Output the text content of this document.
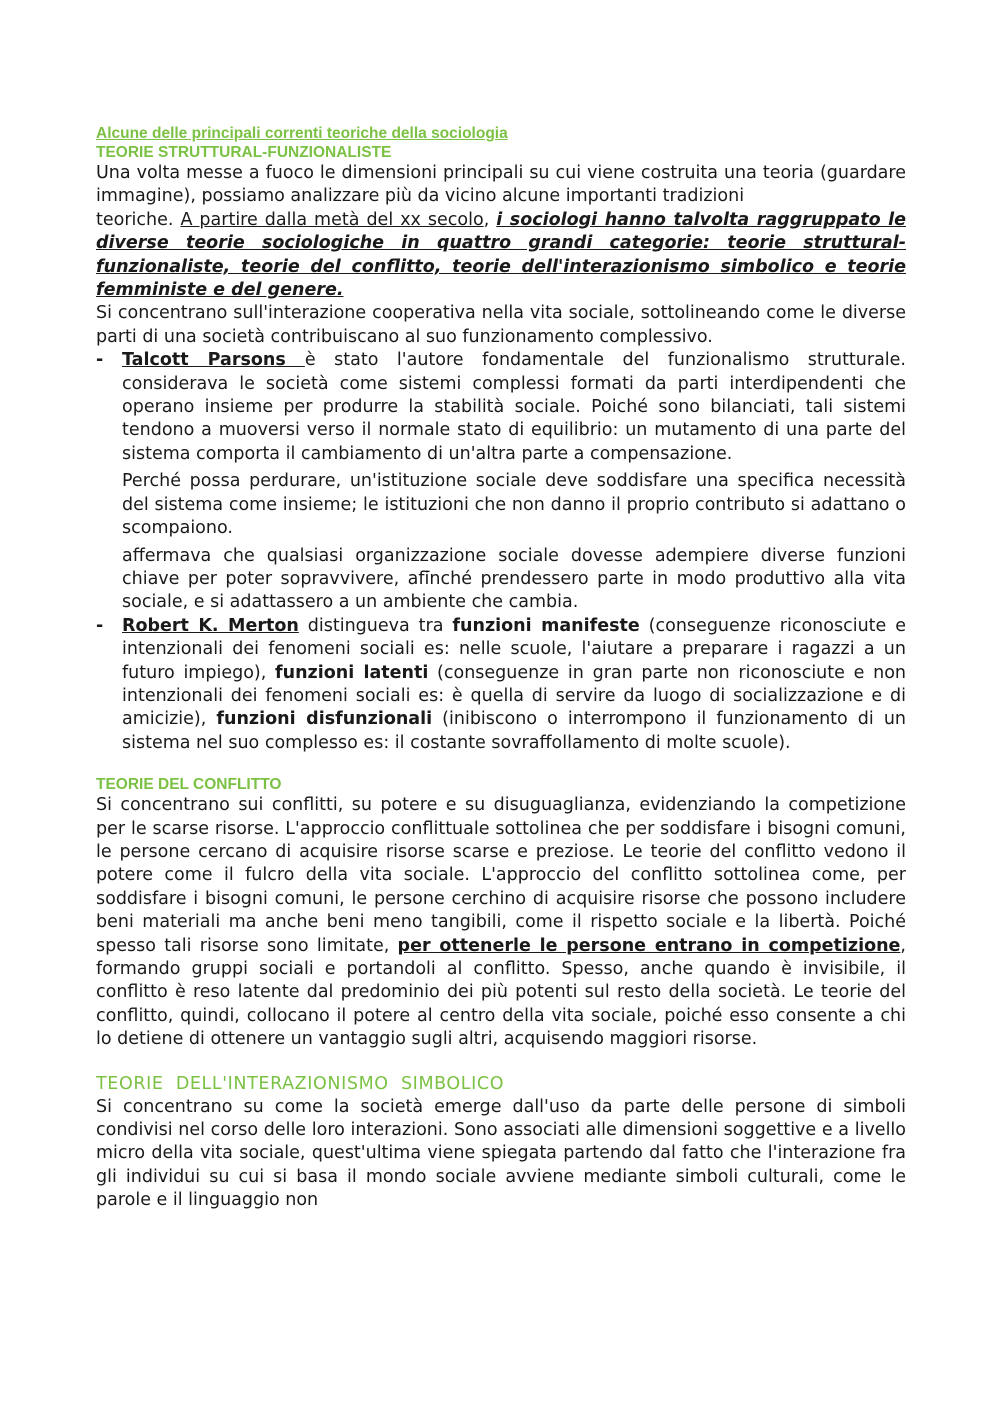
Alcune delle principali correnti teoriche della sociologia
TEORIE STRUTTURAL-FUNZIONALISTE
Una volta messe a fuoco le dimensioni principali su cui viene costruita una teoria (guardare immagine), possiamo analizzare più da vicino alcune importanti tradizioni
teoriche. A partire dalla metà del xx secolo, i sociologi hanno talvolta raggruppato le diverse teorie sociologiche in quattro grandi categorie: teorie struttural-funzionaliste, teorie del conflitto, teorie dell'interazionismo simbolico e teorie femministe e del genere.
Si concentrano sull'interazione cooperativa nella vita sociale, sottolineando come le diverse parti di una società contribuiscano al suo funzionamento complessivo.
-	Talcott Parsons è stato l'autore fondamentale del funzionalismo strutturale. considerava le società come sistemi complessi formati da parti interdipendenti che operano insieme per produrre la stabilità sociale. Poiché sono bilanciati, tali sistemi tendono a muoversi verso il normale stato di equilibrio: un mutamento di una parte del sistema comporta il cambiamento di un'altra parte a compensazione.
Perché possa perdurare, un'istituzione sociale deve soddisfare una specifica necessità del sistema come insieme; le istituzioni che non danno il proprio contributo si adattano o scompaiono.
affermava che qualsiasi organizzazione sociale dovesse adempiere diverse funzioni chiave per poter sopravvivere, afi̇̄nché prendessero parte in modo produttivo alla vita sociale, e si adattassero a un ambiente che cambia.
-	Robert K. Merton distingueva tra funzioni manifeste (conseguenze riconosciute e intenzionali dei fenomeni sociali es: nelle scuole, l'aiutare a preparare i ragazzi a un futuro impiego), funzioni latenti (conseguenze in gran parte non riconosciute e non intenzionali dei fenomeni sociali es: è quella di servire da luogo di socializzazione e di amicizie), funzioni disfunzionali (inibiscono o interrompono il funzionamento di un sistema nel suo complesso es: il costante sovraffollamento di molte scuole).
TEORIE DEL CONFLITTO
Si concentrano sui conflitti, su potere e su disuguaglianza, evidenziando la competizione per le scarse risorse. L'approccio conflittuale sottolinea che per soddisfare i bisogni comuni, le persone cercano di acquisire risorse scarse e preziose. Le teorie del conflitto vedono il potere come il fulcro della vita sociale. L'approccio del conflitto sottolinea come, per soddisfare i bisogni comuni, le persone cerchino di acquisire risorse che possono includere beni materiali ma anche beni meno tangibili, come il rispetto sociale e la libertà. Poiché spesso tali risorse sono limitate, per ottenerle le persone entrano in competizione, formando gruppi sociali e portandoli al conflitto. Spesso, anche quando è invisibile, il conflitto è reso latente dal predominio dei più potenti sul resto della società. Le teorie del conflitto, quindi, collocano il potere al centro della vita sociale, poiché esso consente a chi lo detiene di ottenere un vantaggio sugli altri, acquisendo maggiori risorse.
TEORIE  DELL'INTERAZIONISMO  SIMBOLICO
Si concentrano su come la società emerge dall'uso da parte delle persone di simboli condivisi nel corso delle loro interazioni. Sono associati alle dimensioni soggettive e a livello micro della vita sociale, quest'ultima viene spiegata partendo dal fatto che l'interazione fra gli individui su cui si basa il mondo sociale avviene mediante simboli culturali, come le parole e il linguaggio non
